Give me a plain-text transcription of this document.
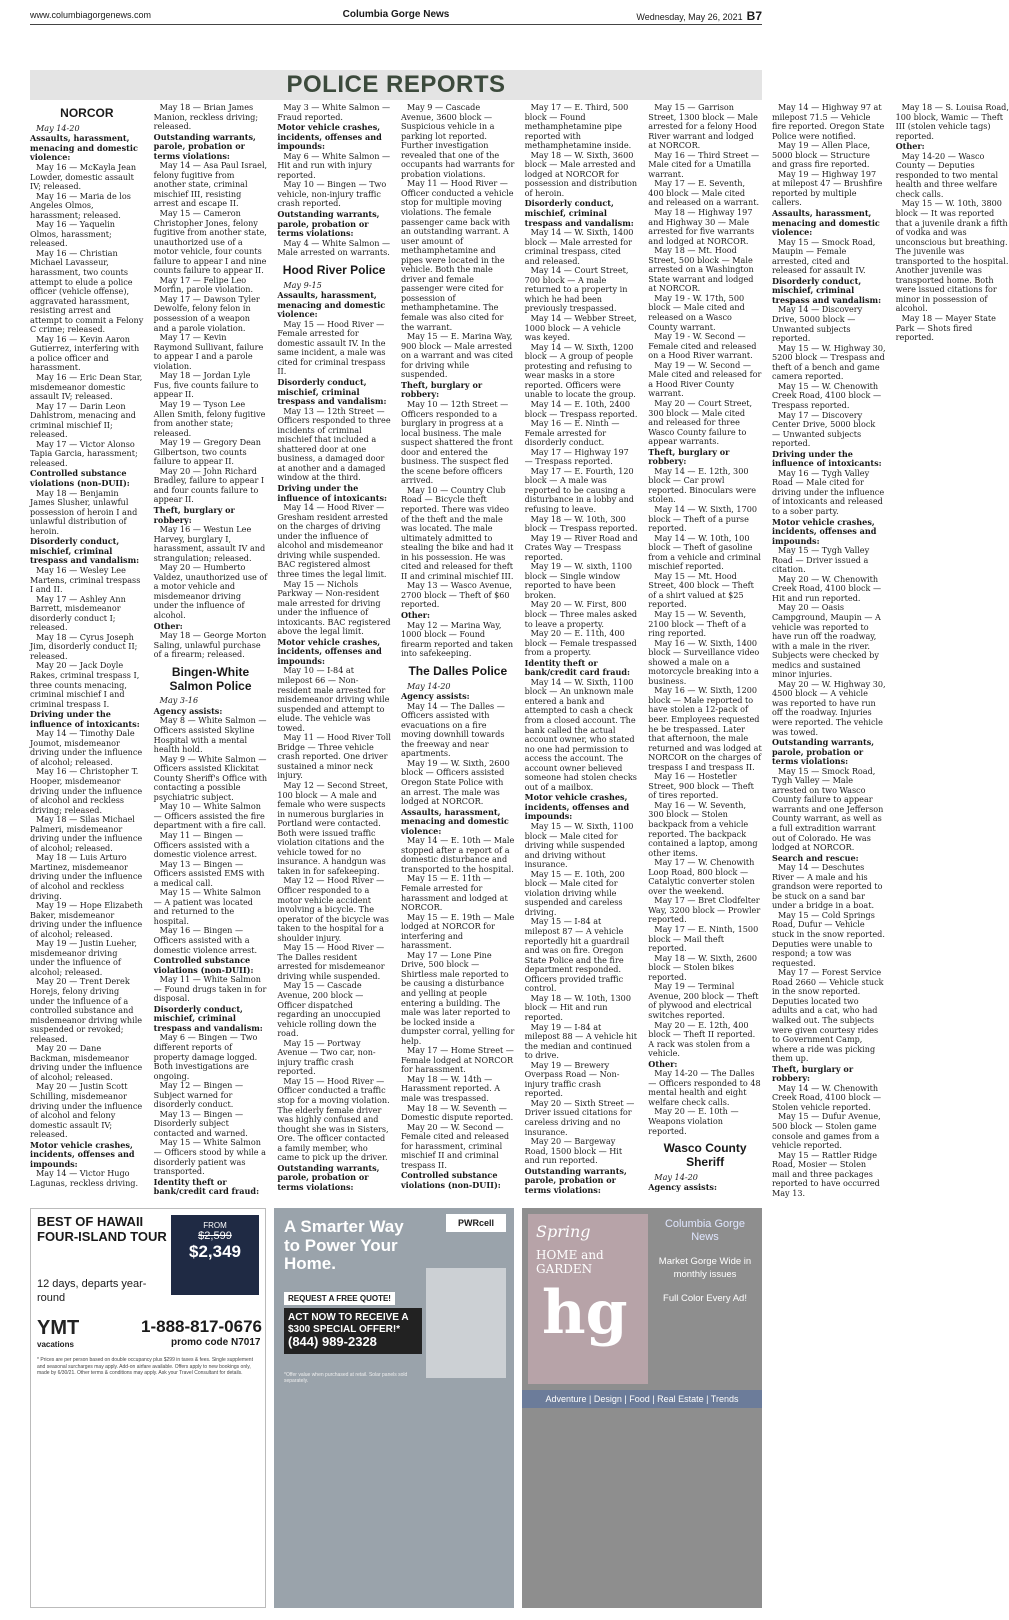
www.columbiagorgenews.com	Columbia Gorge News	Wednesday, May 26, 2021 B7
POLICE REPORTS
NORCOR
May 14-20
Assaults, harassment, menacing and domestic violence:

May 16 — McKayla Jean Lowder, domestic assault IV; released.

May 16 — Maria de los Angeles Olmos, harassment; released.

May 16 — Yaquelin Olmos, harassment; released.

May 16 — Christian Michael Lavasseur, harassment, two counts attempt to elude a police officer (vehicle offense), aggravated harassment, resisting arrest and attempt to commit a Felony C crime; released.

May 16 — Kevin Aaron Gutierrez, interfering with a police officer and harassment.

May 16 — Eric Dean Star, misdemeanor domestic assault IV; released.

May 17 — Darin Leon Dahlstrom, menacing and criminal mischief II; released.

May 17 — Victor Alonso Tapia Garcia, harassment; released.

Controlled substance violations (non-DUII):

May 18 — Benjamin James Slusher, unlawful possession of heroin I and unlawful distribution of heroin.

Disorderly conduct, mischief, criminal trespass and vandalism:

May 16 — Wesley Lee Martens, criminal trespass I and II.

May 17 — Ashley Ann Barrett, misdemeanor disorderly conduct I; released.

May 18 — Cyrus Joseph Jim, disorderly conduct II; released.

May 20 — Jack Doyle Rakes, criminal trespass I, three counts menacing, criminal mischief I and criminal trespass I.

Driving under the influence of intoxicants:

May 14 — Timothy Dale Joumot, misdemeanor driving under the influence of alcohol; released.

May 16 — Christopher T. Hooper, misdemeanor driving under the influence of alcohol and reckless driving; released.

May 18 — Silas Michael Palmeri, misdemeanor driving under the influence of alcohol; released.

May 18 — Luis Arturo Martinez, misdemeanor driving under the influence of alcohol and reckless driving.

May 19 — Hope Elizabeth Baker, misdemeanor driving under the influence of alcohol; released.

May 19 — Justin Lueher, misdemeanor driving under the influence of alcohol; released.

May 20 — Trent Derek Horejs, felony driving under the influence of a controlled substance and misdemeanor driving while suspended or revoked; released.

May 20 — Dane Backman, misdemeanor driving under the influence of alcohol; released.

May 20 — Justin Scott Schilling, misdemeanor driving under the influence of alcohol and felony domestic assault IV; released.

Motor vehicle crashes, incidents, offenses and impounds:

May 14 — Victor Hugo Lagunas, reckless driving.

May 18 — Brian James Manion, reckless driving; released.

Outstanding warrants, parole, probation or terms violations:

May 14 — Asa Paul Israel, felony fugitive from another state, criminal mischief III, resisting arrest and escape II.

May 15 — Cameron Christopher Jones, felony fugitive from another state, unauthorized use of a motor vehicle, four counts failure to appear I and nine counts failure to appear II.

May 17 — Felipe Leo Morfin, parole violation.

May 17 — Dawson Tyler Dewolfe, felony felon in possession of a weapon and a parole violation.

May 17 — Kevin Raymond Sullivant, failure to appear I and a parole violation.

May 18 — Jordan Lyle Fus, five counts failure to appear II.

May 19 — Tyson Lee Allen Smith, felony fugitive from another state; released.

May 19 — Gregory Dean Gilbertson, two counts failure to appear II.

May 20 — John Richard Bradley, failure to appear I and four counts failure to appear II.

Theft, burglary or robbery:

May 16 — Westun Lee Harvey, burglary I, harassment, assault IV and strangulation; released.

May 20 — Humberto Valdez, unauthorized use of a motor vehicle and misdemeanor driving under the influence of alcohol.

Other:

May 18 — George Morton Saling, unlawful purchase of a firearm; released.

Bingen-White Salmon Police
May 3-16
Agency assists:

May 8 — White Salmon — Officers assisted Skyline Hospital with a mental health hold.

May 9 — White Salmon — Officers assisted Klickitat County Sheriff's Office with contacting a possible psychiatric subject.

May 10 — White Salmon — Officers assisted the fire department with a fire call.

May 11 — Bingen — Officers assisted with a domestic violence arrest.

May 13 — Bingen — Officers assisted EMS with a medical call.

May 15 — White Salmon — A patient was located and returned to the hospital.

May 16 — Bingen — Officers assisted with a domestic violence arrest.

Controlled substance violations (non-DUII):

May 11 — White Salmon — Found drugs taken in for disposal.

Disorderly conduct, mischief, criminal trespass and vandalism:

May 6 — Bingen — Two different reports of property damage logged. Both investigations are ongoing.

May 12 — Bingen — Subject warned for disorderly conduct.

May 13 — Bingen — Disorderly subject contacted and warned.

May 15 — White Salmon — Officers stood by while a disorderly patient was transported.

Identity theft or bank/credit card fraud:

May 3 — White Salmon — Fraud reported.

Motor vehicle crashes, incidents, offenses and impounds:

May 6 — White Salmon — Hit and run with injury reported.

May 10 — Bingen — Two vehicle, non-injury traffic crash reported.

Outstanding warrants, parole, probation or terms violations:

May 4 — White Salmon — Male arrested on warrants.

Hood River Police
May 9-15
Assaults, harassment, menacing and domestic violence:

May 15 — Hood River — Female arrested for domestic assault IV. In the same incident, a male was cited for criminal trespass II.

Disorderly conduct, mischief, criminal trespass and vandalism:

May 13 — 12th Street — Officers responded to three incidents of criminal mischief that included a shattered door at one business, a damaged door at another and a damaged window at the third.

Driving under the influence of intoxicants:

May 14 — Hood River — Gresham resident arrested on the charges of driving under the influence of alcohol and misdemeanor driving while suspended. BAC registered almost three times the legal limit.

May 15 — Nichols Parkway — Non-resident male arrested for driving under the influence of intoxicants. BAC registered above the legal limit.

Motor vehicle crashes, incidents, offenses and impounds:

May 10 — I-84 at milepost 66 — Non-resident male arrested for misdemeanor driving while suspended and attempt to elude. The vehicle was towed.

May 11 — Hood River Toll Bridge — Three vehicle crash reported. One driver sustained a minor neck injury.

May 12 — Second Street, 100 block — A male and female who were suspects in numerous burglaries in Portland were contacted. Both were issued traffic violation citations and the vehicle towed for no insurance. A handgun was taken in for safekeeping.

May 12 — Hood River — Officer responded to a motor vehicle accident involving a bicycle. The operator of the bicycle was taken to the hospital for a shoulder injury.

May 15 — Hood River — The Dalles resident arrested for misdemeanor driving while suspended.

May 15 — Cascade Avenue, 200 block — Officer dispatched regarding an unoccupied vehicle rolling down the road.

May 15 — Portway Avenue — Two car, non-injury traffic crash reported.

May 15 — Hood River — Officer conducted a traffic stop for a moving violation. The elderly female driver was highly confused and thought she was in Sisters, Ore. The officer contacted a family member, who came to pick up the driver.

Outstanding warrants, parole, probation or terms violations:

May 9 — Cascade Avenue, 3600 block — Suspicious vehicle in a parking lot reported. Further investigation revealed that one of the occupants had warrants for probation violations.

May 11 — Hood River — Officer conducted a vehicle stop for multiple moving violations. The female passenger came back with an outstanding warrant. A user amount of methamphetamine and pipes were located in the vehicle. Both the male driver and female passenger were cited for possession of methamphetamine. The female was also cited for the warrant.

May 15 — E. Marina Way, 900 block — Male arrested on a warrant and was cited for driving while suspended.

Theft, burglary or robbery:

May 10 — 12th Street — Officers responded to a burglary in progress at a local business. The male suspect shattered the front door and entered the business. The suspect fled the scene before officers arrived.

May 10 — Country Club Road — Bicycle theft reported. There was video of the theft and the male was located. The male ultimately admitted to stealing the bike and had it in his possession. He was cited and released for theft II and criminal mischief III.

May 13 — Wasco Avenue, 2700 block — Theft of $60 reported.

Other:

May 12 — Marina Way, 1000 block — Found firearm reported and taken into safekeeping.

The Dalles Police
May 14-20
Agency assists:

May 14 — The Dalles — Officers assisted with evacuations on a fire moving downhill towards the freeway and near apartments.

May 19 — W. Sixth, 2600 block — Officers assisted Oregon State Police with an arrest. The male was lodged at NORCOR.

Assaults, harassment, menacing and domestic violence:

May 14 — E. 10th — Male stopped after a report of a domestic disturbance and transported to the hospital.

May 15 — E. 11th — Female arrested for harassment and lodged at NORCOR.

May 15 — E. 19th — Male lodged at NORCOR for interfering and harassment.

May 17 — Lone Pine Drive, 500 block — Shirtless male reported to be causing a disturbance and yelling at people entering a building. The male was later reported to be locked inside a dumpster corral, yelling for help.

May 17 — Home Street — Female lodged at NORCOR for harassment.

May 18 — W. 14th — Harassment reported. A male was trespassed.

May 18 — W. Seventh — Domestic dispute reported.

May 20 — W. Second — Female cited and released for harassment, criminal mischief II and criminal trespass II.

Controlled substance violations (non-DUII):

May 17 — E. Third, 500 block — Found methamphetamine pipe reported with methamphetamine inside.

May 18 — W. Sixth, 3600 block — Male arrested and lodged at NORCOR for possession and distribution of heroin.

Disorderly conduct, mischief, criminal trespass and vandalism:

May 14 — W. Sixth, 1400 block — Male arrested for criminal trespass, cited and released.

May 14 — Court Street, 700 block — A male returned to a property in which he had been previously trespassed.

May 14 — Webber Street, 1000 block — A vehicle was keyed.

May 14 — W. Sixth, 1200 block — A group of people protesting and refusing to wear masks in a store reported. Officers were unable to locate the group.

May 14 — E. 10th, 2400 block — Trespass reported.

May 16 — E. Ninth — Female arrested for disorderly conduct.

May 17 — Highway 197 — Trespass reported.

May 17 — E. Fourth, 120 block — A male was reported to be causing a disturbance in a lobby and refusing to leave.

May 18 — W. 10th, 300 block — Trespass reported.

May 19 — River Road and Crates Way — Trespass reported.

May 19 — W. sixth, 1100 block — Single window reported to have been broken.

May 20 — W. First, 800 block — Three males asked to leave a property.

May 20 — E. 11th, 400 block — Female trespassed from a property.

Identity theft or bank/credit card fraud:

May 14 — W. Sixth, 1100 block — An unknown male entered a bank and attempted to cash a check from a closed account. The bank called the actual account owner, who stated no one had permission to access the account. The account owner believed someone had stolen checks out of a mailbox.

Motor vehicle crashes, incidents, offenses and impounds:

May 15 — W. Sixth, 1100 block — Male cited for driving while suspended and driving without insurance.

May 15 — E. 10th, 200 block — Male cited for violation driving while suspended and careless driving.

May 15 — I-84 at milepost 87 — A vehicle reportedly hit a guardrail and was on fire. Oregon State Police and the fire department responded. Officers provided traffic control.

May 18 — W. 10th, 1300 block — Hit and run reported.

May 19 — I-84 at milepost 88 — A vehicle hit the median and continued to drive.

May 19 — Brewery Overpass Road — Non-injury traffic crash reported.

May 20 — Sixth Street — Driver issued citations for careless driving and no insurance.

May 20 — Bargeway Road, 1500 block — Hit and run reported.

Outstanding warrants, parole, probation or terms violations:

May 15 — Garrison Street, 1300 block — Male arrested for a felony Hood River warrant and lodged at NORCOR.

May 16 — Third Street — Male cited for a Umatilla warrant.

May 17 — E. Seventh, 400 block — Male cited and released on a warrant.

May 18 — Highway 197 and Highway 30 — Male arrested for five warrants and lodged at NORCOR.

May 18 — Mt. Hood Street, 500 block — Male arrested on a Washington State warrant and lodged at NORCOR.

May 19 - W. 17th, 500 block — Male cited and released on a Wasco County warrant.

May 19 - W. Second — Female cited and released on a Hood River warrant.

May 19 — W. Second — Male cited and released for a Hood River County warrant.

May 20 — Court Street, 300 block — Male cited and released for three Wasco County failure to appear warrants.

Theft, burglary or robbery:

May 14 — E. 12th, 300 block — Car prowl reported. Binoculars were stolen.

May 14 — W. Sixth, 1700 block — Theft of a purse reported.

May 14 — W. 10th, 100 block — Theft of gasoline from a vehicle and criminal mischief reported.

May 15 — Mt. Hood Street, 400 block — Theft of a shirt valued at $25 reported.

May 15 — W. Seventh, 2100 block — Theft of a ring reported.

May 16 — W. Sixth, 1400 block — Surveillance video showed a male on a motorcycle breaking into a business.

May 16 — W. Sixth, 1200 block — Male reported to have stolen a 12-pack of beer. Employees requested he be trespassed. Later that afternoon, the male returned and was lodged at NORCOR on the charges of trespass I and trespass II.

May 16 — Hostetler Street, 900 block — Theft of tires reported.

May 16 — W. Seventh, 300 block — Stolen backpack from a vehicle reported. The backpack contained a laptop, among other items.

May 17 — W. Chenowith Loop Road, 800 block — Catalytic converter stolen over the weekend.

May 17 — Bret Clodfelter Way, 3200 block — Prowler reported.

May 17 — E. Ninth, 1500 block — Mail theft reported.

May 18 — W. Sixth, 2600 block — Stolen bikes reported.

May 19 — Terminal Avenue, 200 block — Theft of plywood and electrical switches reported.

May 20 — E. 12th, 400 block — Theft II reported. A rack was stolen from a vehicle.

Other:

May 14-20 — The Dalles — Officers responded to 48 mental health and eight welfare check calls.

May 20 — E. 10th — Weapons violation reported.

Wasco County Sheriff
May 14-20
Agency assists:

May 14 — Highway 97 at milepost 71.5 — Vehicle fire reported. Oregon State Police were notified.

May 19 — Allen Place, 5000 block — Structure and grass fire reported.

May 19 — Highway 197 at milepost 47 — Brushfire reported by multiple callers.

Assaults, harassment, menacing and domestic violence:

May 15 — Smock Road, Maupin — Female arrested, cited and released for assault IV.

Disorderly conduct, mischief, criminal trespass and vandalism:

May 14 — Discovery Drive, 5000 block — Unwanted subjects reported.

May 15 — W. Highway 30, 5200 block — Trespass and theft of a bench and game camera reported.

May 15 — W. Chenowith Creek Road, 4100 block — Trespass reported.

May 17 — Discovery Center Drive, 5000 block — Unwanted subjects reported.

Driving under the influence of intoxicants:

May 16 — Tygh Valley Road — Male cited for driving under the influence of intoxicants and released to a sober party.

Motor vehicle crashes, incidents, offenses and impounds:

May 15 — Tygh Valley Road — Driver issued a citation.

May 20 — W. Chenowith Creek Road, 4100 block — Hit and run reported.

May 20 — Oasis Campground, Maupin — A vehicle was reported to have run off the roadway, with a male in the river. Subjects were checked by medics and sustained minor injuries.

May 20 — W. Highway 30, 4500 block — A vehicle was reported to have run off the roadway. Injuries were reported. The vehicle was towed.

Outstanding warrants, parole, probation or terms violations:

May 15 — Smock Road, Tygh Valley — Male arrested on two Wasco County failure to appear warrants and one Jefferson County warrant, as well as a full extradition warrant out of Colorado. He was lodged at NORCOR.

Search and rescue:

May 14 — Deschutes River — A male and his grandson were reported to be stuck on a sand bar under a bridge in a boat.

May 15 — Cold Springs Road, Dufur — Vehicle stuck in the snow reported. Deputies were unable to respond; a tow was requested.

May 17 — Forest Service Road 2660 — Vehicle stuck in the snow reported. Deputies located two adults and a cat, who had walked out. The subjects were given courtesy rides to Government Camp, where a ride was picking them up.

Theft, burglary or robbery:

May 14 — W. Chenowith Creek Road, 4100 block — Stolen vehicle reported.

May 15 — Dufur Avenue, 500 block — Stolen game console and games from a vehicle reported.

May 15 — Rattler Ridge Road, Mosier — Stolen mail and three packages reported to have occurred May 13.

May 18 — S. Louisa Road, 100 block, Wamic — Theft III (stolen vehicle tags) reported.

Other:

May 14-20 — Wasco County — Deputies responded to two mental health and three welfare check calls.

May 15 — W. 10th, 3800 block — It was reported that a juvenile drank a fifth of vodka and was unconscious but breathing. The juvenile was transported to the hospital. Another juvenile was transported home. Both were issued citations for minor in possession of alcohol.

May 18 — Mayer State Park — Shots fired reported.

BEST OF HAWAII FOUR-ISLAND TOUR
12 days, departs year-round
FROM
$2,599
$2,349
YMT
vacations
1-888-817-0676
promo code N7017
* Prices are per person based on double occupancy plus $299 in taxes & fees. Single supplement and seasonal surcharges may apply. Add-on airfare available. Offers apply to new bookings only, made by 6/30/21. Other terms & conditions may apply. Ask your Travel Consultant for details.
A Smarter Way to Power Your Home.
PWRcell
REQUEST A FREE QUOTE!
ACT NOW TO RECEIVE A $300 SPECIAL OFFER!*
(844) 989-2328
*Offer value when purchased at retail. Solar panels sold separately.
Spring
HOME and GARDEN
hg
Columbia Gorge News
Market Gorge Wide in monthly issues
Full Color Every Ad!
Adventure | Design | Food | Real Estate | Trends
